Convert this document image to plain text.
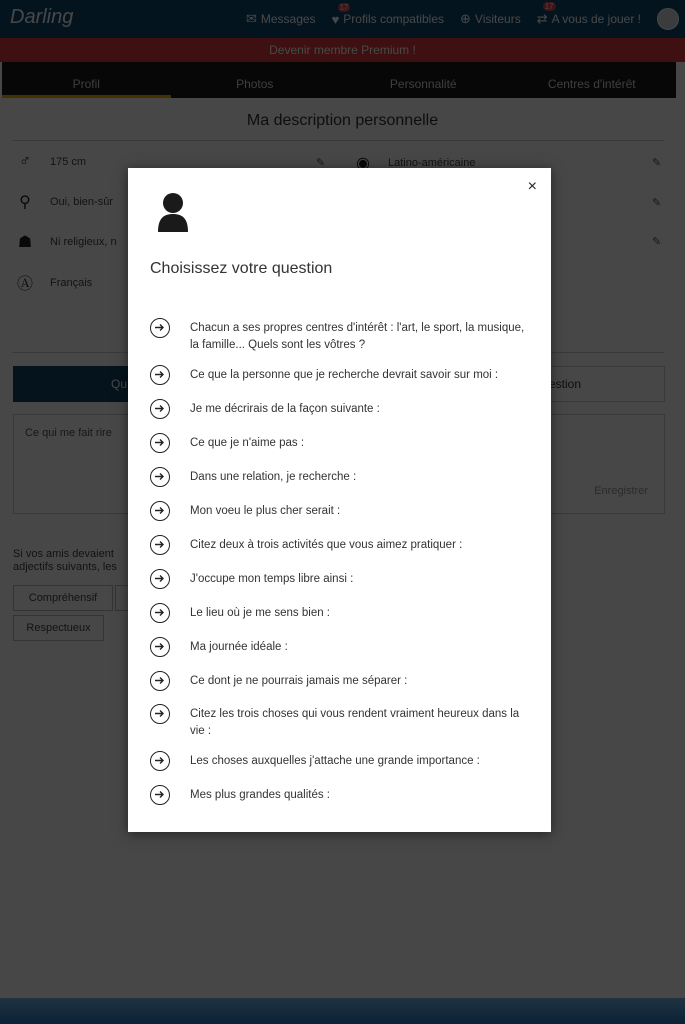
×
Choisissez votre question
Chacun a ses propres centres d'intérêt : l'art, le sport, la musique, la famille... Quels sont les vôtres ?
Ce que la personne que je recherche devrait savoir sur moi :
Je me décrirais de la façon suivante :
Ce que je n'aime pas :
Dans une relation, je recherche :
Mon voeu le plus cher serait :
Citez deux à trois activités que vous aimez pratiquer :
J'occupe mon temps libre ainsi :
Le lieu où je me sens bien :
Ma journée idéale :
Ce dont je ne pourrais jamais me séparer :
Citez les trois choses qui vous rendent vraiment heureux dans la vie :
Les choses auxquelles j'attache une grande importance :
Mes plus grandes qualités :
